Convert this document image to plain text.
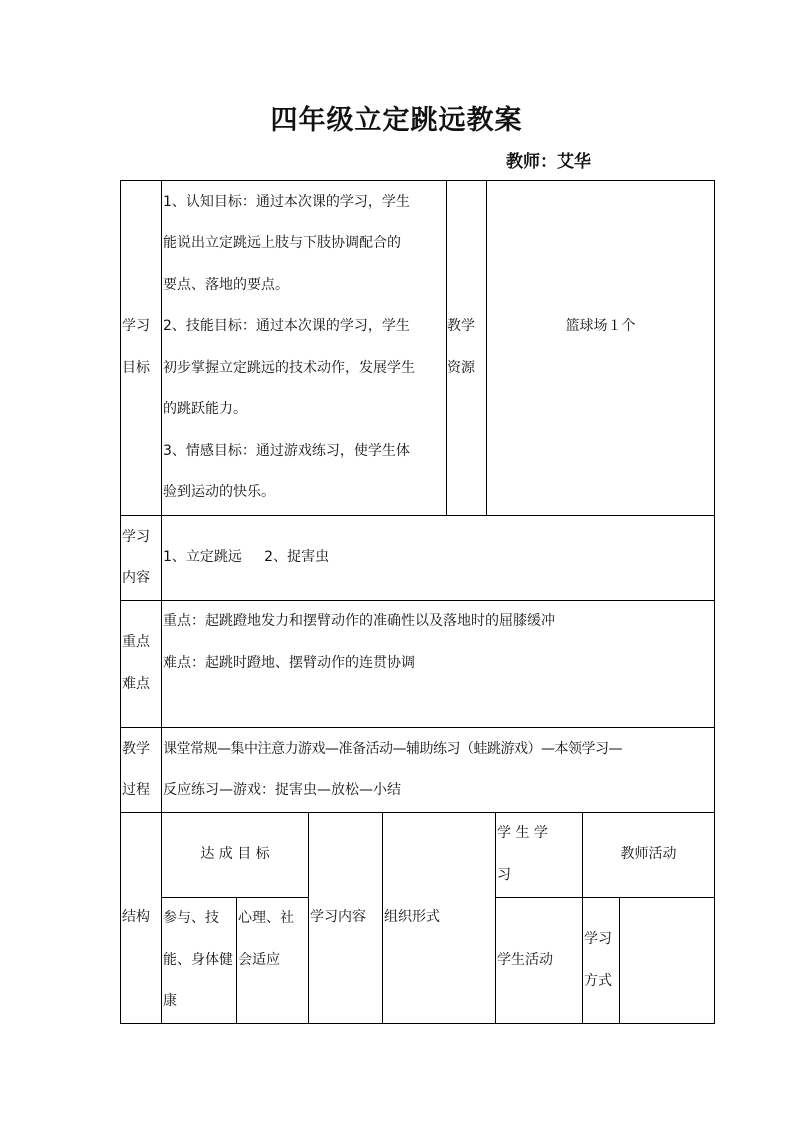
四年级立定跳远教案
教师：艾华
学习
目标
1、认知目标：通过本次课的学习，学生
能说出立定跳远上肢与下肢协调配合的
要点、落地的要点。
2、技能目标：通过本次课的学习，学生
初步掌握立定跳远的技术动作，发展学生
的跳跃能力。
3、情感目标：通过游戏练习，使学生体
验到运动的快乐。
教学
资源
篮球场１个
学习
内容
1、立定跳远     2、捉害虫
重点
难点
重点：起跳蹬地发力和摆臂动作的准确性以及落地时的屈膝缓冲
难点：起跳时蹬地、摆臂动作的连贯协调
教学
过程
课堂常规—集中注意力游戏—准备活动—辅助练习（蛙跳游戏）—本领学习—
反应练习—游戏：捉害虫—放松—小结
结构
达 成 目 标
参与、技
能、身体健
康
心理、社
会适应
学习内容 组织形式
学 生 学
习
教师活动
学生活动
学习
方式
